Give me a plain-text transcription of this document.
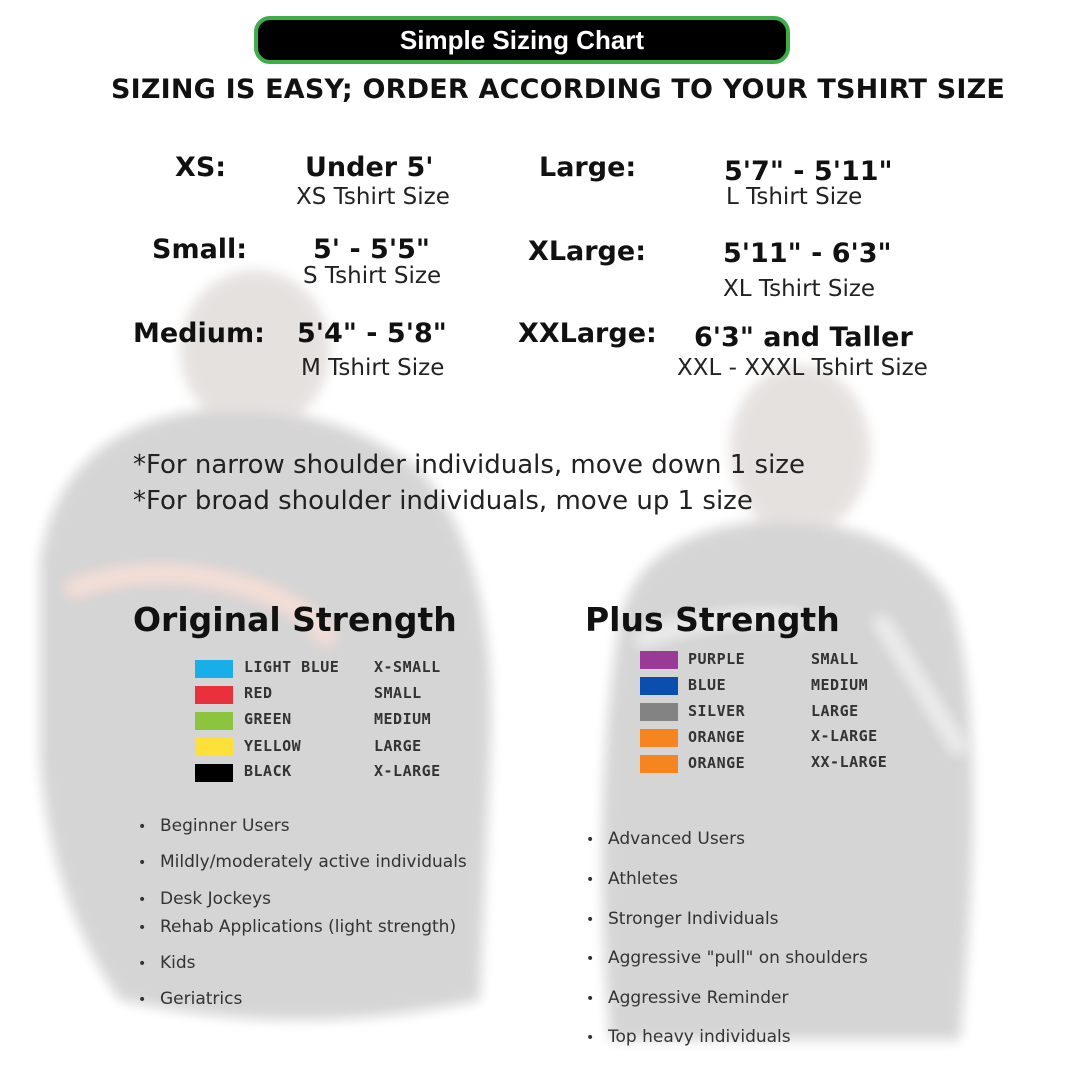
Simple Sizing Chart
SIZING IS EASY; ORDER ACCORDING TO YOUR TSHIRT SIZE
XS:	Under 5'
XS Tshirt Size
Small: 5' - 5'5"
S Tshirt Size
Medium: 5'4" - 5'8"
M Tshirt Size
Large:	5'7" - 5'11"
L Tshirt Size
XLarge:	5'11" - 6'3"
XL Tshirt Size
XXLarge: 6'3" and Taller
XXL - XXXL Tshirt Size
*For narrow shoulder individuals, move down 1 size
*For broad shoulder individuals, move up 1 size
Original Strength
LIGHT BLUE X-SMALL
RED	SMALL
GREEN	MEDIUM
YELLOW	LARGE
BLACK	X-LARGE
• Beginner Users
• Mildly/moderately active individuals
• Desk Jockeys
• Rehab Applications (light strength)
• Kids
• Geriatrics
Plus Strength
PURPLE	SMALL
BLUE	MEDIUM
SILVER	LARGE
ORANGE	X-LARGE
ORANGE	XX-LARGE
• Advanced Users
• Athletes
• Stronger Individuals
• Aggressive "pull" on shoulders
• Aggressive Reminder
• Top heavy individuals
